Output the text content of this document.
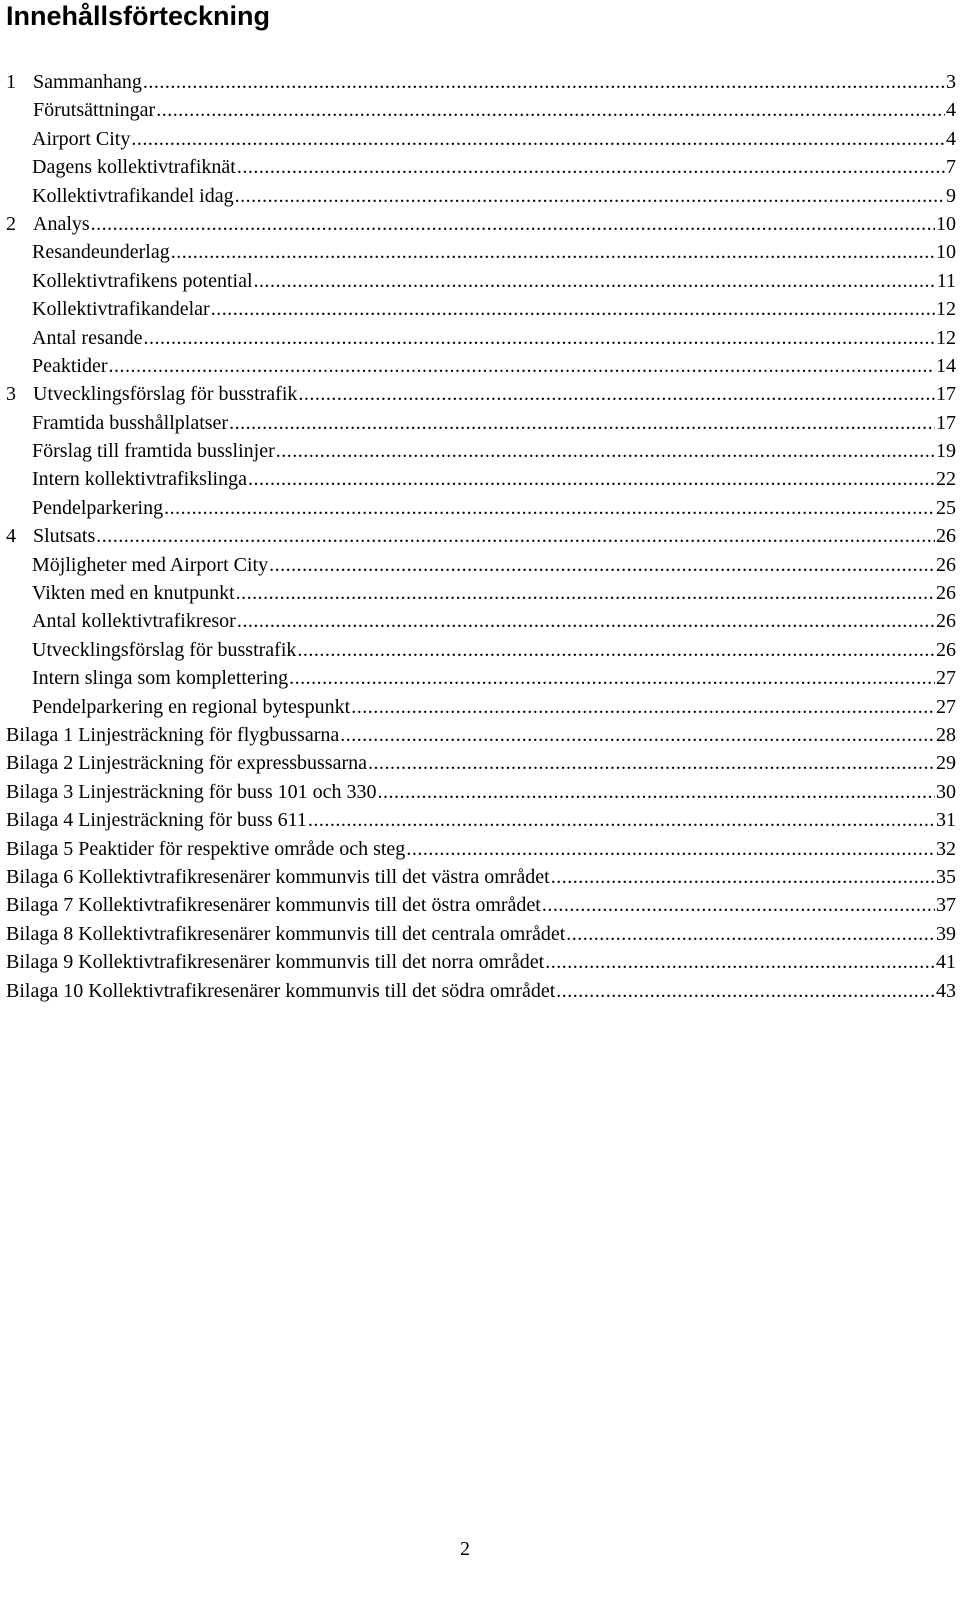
Innehållsförteckning
1 Sammanhang .....	3
Förutsättningar .....	4
Airport City .....	4
Dagens kollektivtrafiknät .....	7
Kollektivtrafikandel idag .....	9
2 Analys .....	10
Resandeunderlag .....	10
Kollektivtrafikens potential .....	11
Kollektivtrafikandelar .....	12
Antal resande .....	12
Peaktider .....	14
3 Utvecklingsförslag för busstrafik .....	17
Framtida busshållplatser .....	17
Förslag till framtida busslinjer .....	19
Intern kollektivtrafikslinga .....	22
Pendelparkering .....	25
4 Slutsats .....	26
Möjligheter med Airport City .....	26
Vikten med en knutpunkt .....	26
Antal kollektivtrafikresor .....	26
Utvecklingsförslag för busstrafik .....	26
Intern slinga som komplettering .....	27
Pendelparkering en regional bytespunkt .....	27
Bilaga 1 Linjesträckning för flygbussarna .....	28
Bilaga 2 Linjesträckning för expressbussarna .....	29
Bilaga 3 Linjesträckning för buss 101 och 330 .....	30
Bilaga 4 Linjesträckning för buss 611 .....	31
Bilaga 5 Peaktider för respektive område och steg .....	32
Bilaga 6 Kollektivtrafikresenärer kommunvis till det västra området .....	35
Bilaga 7 Kollektivtrafikresenärer kommunvis till det östra området .....	37
Bilaga 8 Kollektivtrafikresenärer kommunvis till det centrala området .....	39
Bilaga 9 Kollektivtrafikresenärer kommunvis till det norra området .....	41
Bilaga 10 Kollektivtrafikresenärer kommunvis till det södra området .....	43
2
